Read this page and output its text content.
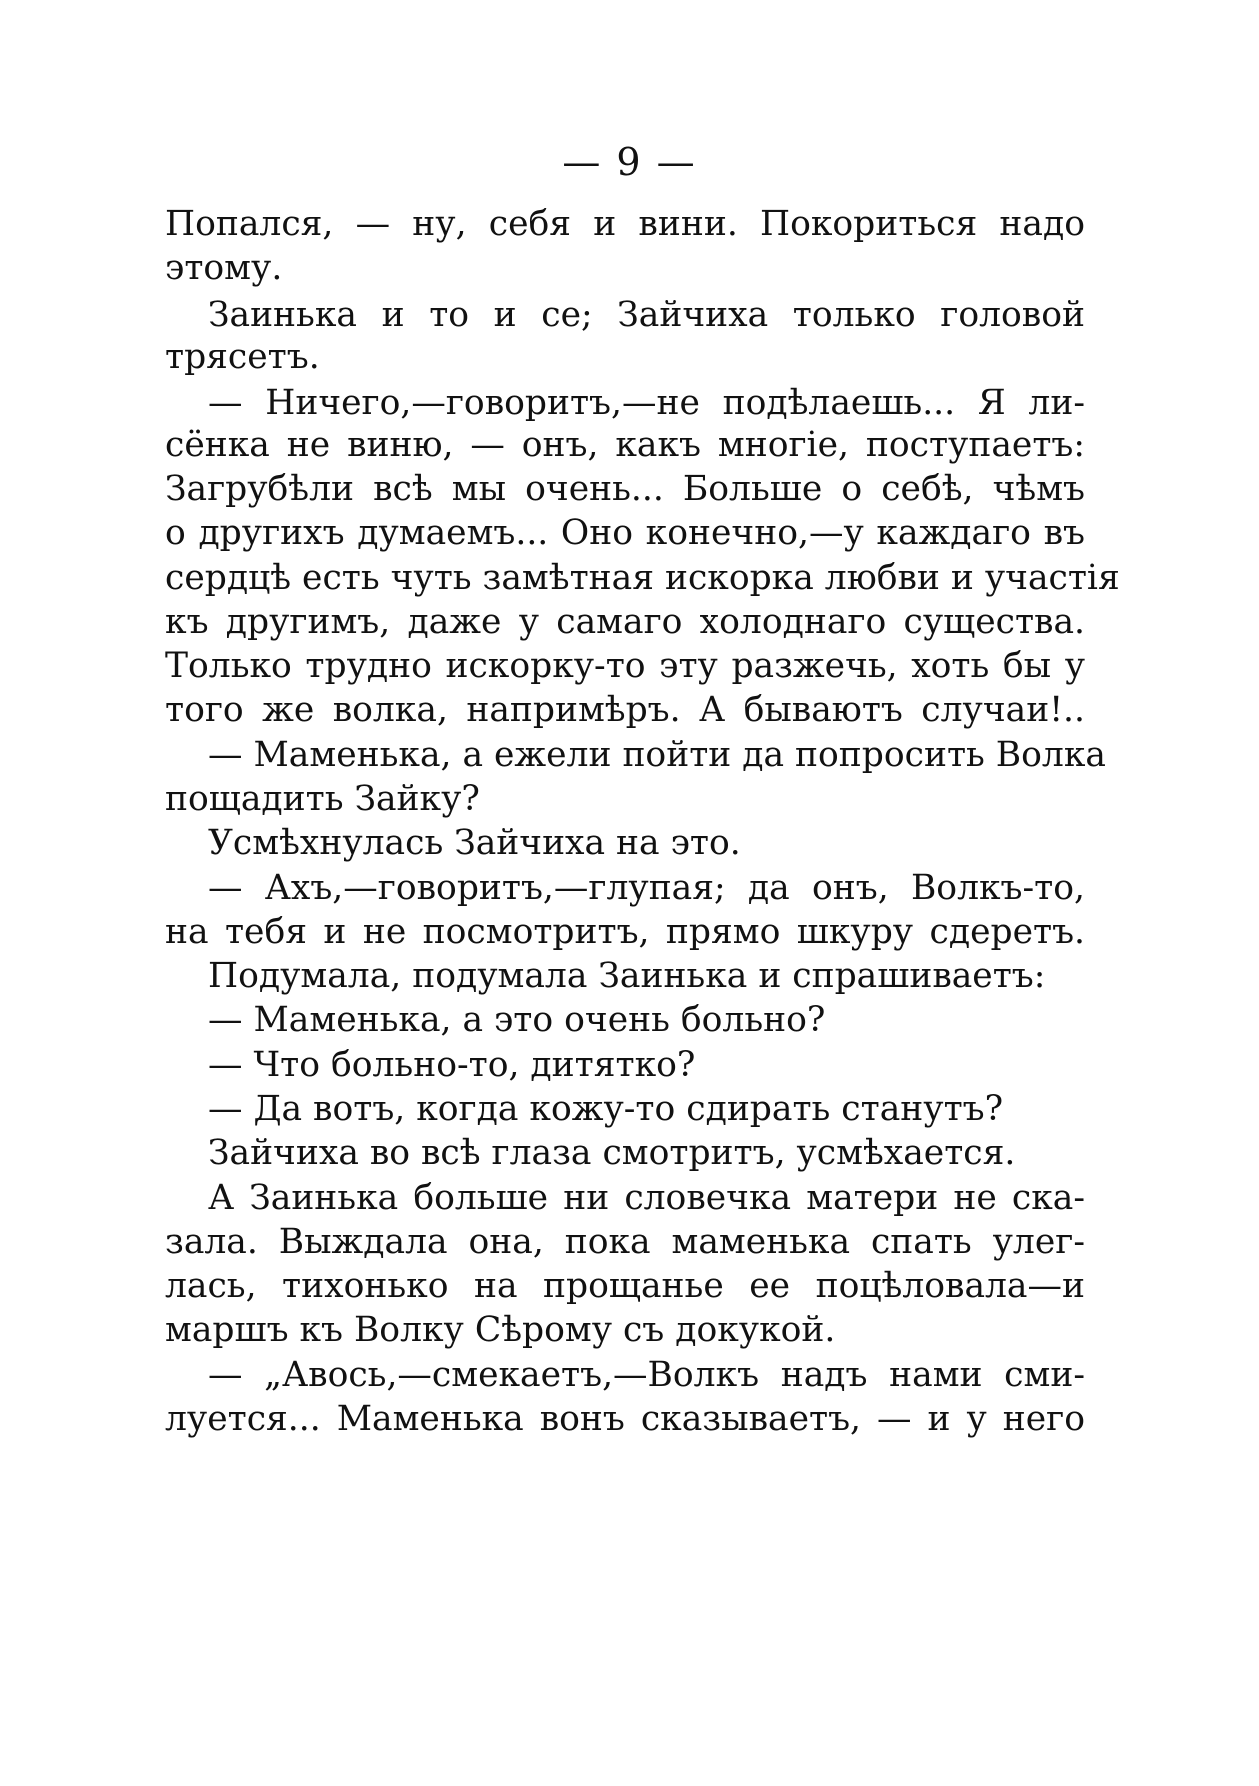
— 9 —
Попался, — ну, себя и вини. Покориться надо
этому.
Заинька и то и се; Зайчиха только головой
трясетъ.
— Ничего,—говоритъ,—не подѣлаешь... Я ли-
сёнка не виню, — онъ, какъ многіе, поступаетъ:
Загрубѣли всѣ мы очень... Больше о себѣ, чѣмъ
о другихъ думаемъ... Оно конечно,—у каждаго въ
сердцѣ есть чуть замѣтная искорка любви и участія
къ другимъ, даже у самаго холоднаго существа.
Только трудно искорку-то эту разжечь, хоть бы у
того же волка, напримѣръ. А бываютъ случаи!..
— Маменька, а ежели пойти да попросить Волка
пощадить Зайку?
Усмѣхнулась Зайчиха на это.
— Ахъ,—говоритъ,—глупая; да онъ, Волкъ-то,
на тебя и не посмотритъ, прямо шкуру сдеретъ.
Подумала, подумала Заинька и спрашиваетъ:
— Маменька, а это очень больно?
— Что больно-то, дитятко?
— Да вотъ, когда кожу-то сдирать станутъ?
Зайчиха во всѣ глаза смотритъ, усмѣхается.
А Заинька больше ни словечка матери не ска-
зала. Выждала она, пока маменька спать улег-
лась, тихонько на прощанье ее поцѣловала—и
маршъ къ Волку Сѣрому съ докукой.
— „Авось,—смекаетъ,—Волкъ надъ нами сми-
луется... Маменька вонъ сказываетъ, — и у него
